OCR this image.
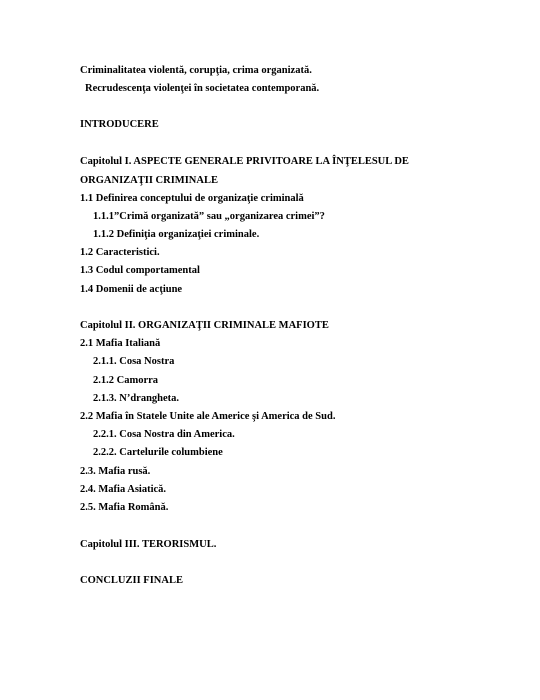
Criminalitatea violentă, corupţia, crima organizată.
Recrudescenţa violenţei în societatea contemporană.
INTRODUCERE
Capitolul I. ASPECTE GENERALE PRIVITOARE LA ÎNŢELESUL DE
ORGANIZAŢII CRIMINALE
1.1 Definirea conceptului de organizaţie criminală
1.1.1”Crimă organizată” sau „organizarea crimei”?
1.1.2 Definiţia organizaţiei criminale.
1.2 Caracteristici.
1.3 Codul comportamental
1.4 Domenii de acţiune
Capitolul II. ORGANIZAŢII CRIMINALE MAFIOTE
2.1 Mafia Italiană
2.1.1. Cosa Nostra
2.1.2 Camorra
2.1.3. N’drangheta.
2.2 Mafia în Statele Unite ale Americe şi America de Sud.
2.2.1. Cosa Nostra din America.
2.2.2. Cartelurile columbiene
2.3. Mafia rusă.
2.4. Mafia Asiatică.
2.5. Mafia Română.
Capitolul III. TERORISMUL.
CONCLUZII FINALE
